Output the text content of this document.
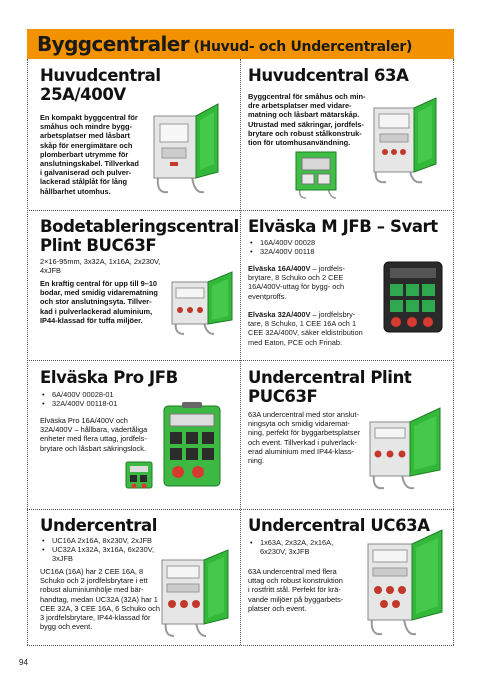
Byggcentraler (Huvud- och Undercentraler)
Huvudcentral
25A/400V
En kompakt byggcentral för
småhus och mindre bygg-
arbetsplatser med låsbart
skåp för energimätare och
plomberbart utrymme för
anslutningskabel. Tillverkad
i galvaniserad och pulver-
lackerad stålplåt för lång
hållbarhet utomhus.
Huvudcentral 63A
Byggcentral för småhus och min-
dre arbetsplatser med vidare-
matning och låsbart mätarskåp.
Utrustad med säkringar, jordfels-
brytare och robust stålkonstruk-
tion för utomhusanvändning.
Bodetableringscentral
Plint BUC63F
2×16-95mm, 3x32A, 1x16A, 2x230V,
4xJFB
En kraftig central för upp till 9–10
bodar, med smidig vidarematning
och stor anslutningsyta. Tillver-
kad i pulverlackerad aluminium,
IP44-klassad för tuffa miljöer.
Elväska M JFB – Svart
• 16A/400V 00028
• 32A/400V 00118
Elväska 16A/400V – jordfels-
brytare, 8 Schuko och 2 CEE
16A/400V-uttag för bygg- och
eventproffs.
Elväska 32A/400V – jordfelsbry-
tare, 8 Schuko, 1 CEE 16A och 1
CEE 32A/400V, säker eldistribution
med Eaton, PCE och Frinab.
Elväska Pro JFB
• 6A/400V 00028-01
• 32A/400V 00118-01
Elväska Pro 16A/400V och
32A/400V – hållbara, vädertåliga
enheter med flera uttag, jordfels-
brytare och låsbart säkringslock.
Undercentral Plint
PUC63F
63A undercentral med stor anslut-
ningsyta och smidig vidaremat-
ning, perfekt för byggarbetsplatser
och event. Tillverkad i pulverlack-
erad aluminium med IP44-klass-
ning.
Undercentral
• UC16A 2x16A, 8x230V, 2xJFB
• UC32A 1x32A, 3x16A, 6x230V,
3xJFB
UC16A (16A) har 2 CEE 16A, 8
Schuko och 2 jordfelsbrytare i ett
robust aluminiumhölje med bär-
handtag, medan UC32A (32A) har 1
CEE 32A, 3 CEE 16A, 6 Schuko och
3 jordfelsbrytare, IP44-klassad för
bygg och event.
Undercentral UC63A
• 1x63A, 2x32A, 2x16A,
6x230V, 3xJFB
63A undercentral med flera
uttag och robust konstruktion
i rostfritt stål. Perfekt för krä-
vande miljöer på byggarbets-
platser och event.
94
